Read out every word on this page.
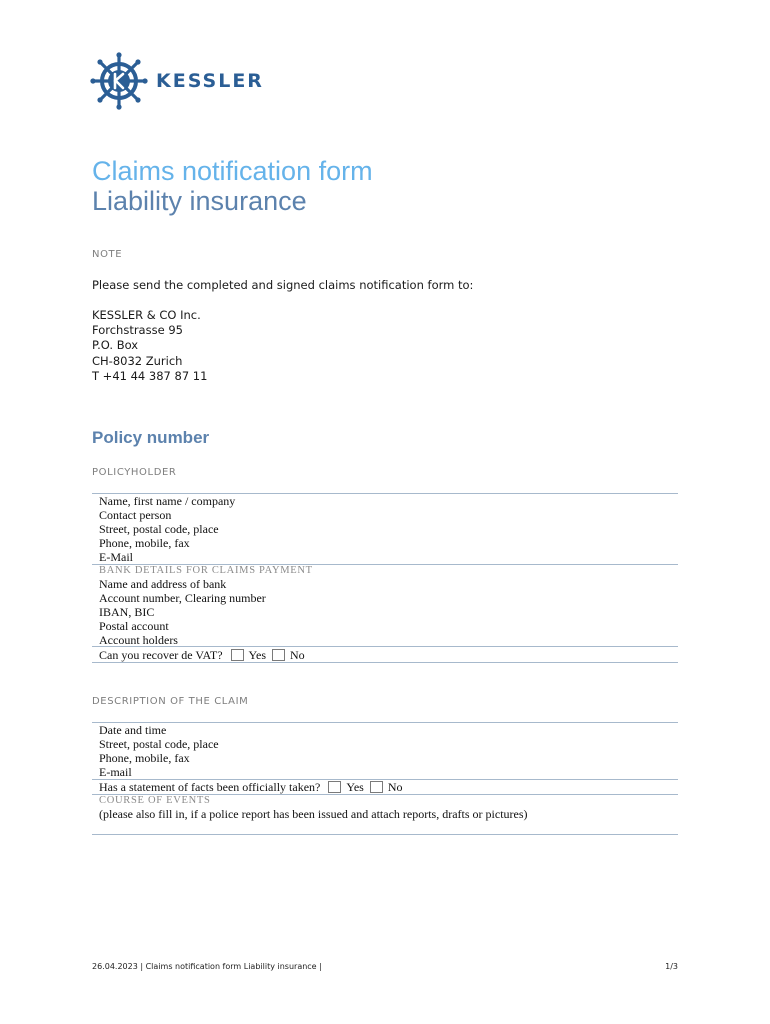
KESSLER
Claims notification form
Liability insurance
NOTE
Please send the completed and signed claims notification form to:
KESSLER & CO Inc.
Forchstrasse 95
P.O. Box
CH-8032 Zurich
T +41 44 387 87 11
Policy number
POLICYHOLDER
Name, first name / company
Contact person
Street, postal code, place
Phone, mobile, fax
E-Mail
BANK DETAILS FOR CLAIMS PAYMENT
Name and address of bank
Account number, Clearing number
IBAN, BIC
Postal account
Account holders
Can you recover de VAT? Yes No
DESCRIPTION OF THE CLAIM
Date and time
Street, postal code, place
Phone, mobile, fax
E-mail
Has a statement of facts been officially taken? Yes No
COURSE OF EVENTS
(please also fill in, if a police report has been issued and attach reports, drafts or pictures)
26.04.2023 | Claims notification form Liability insurance |	1/3
